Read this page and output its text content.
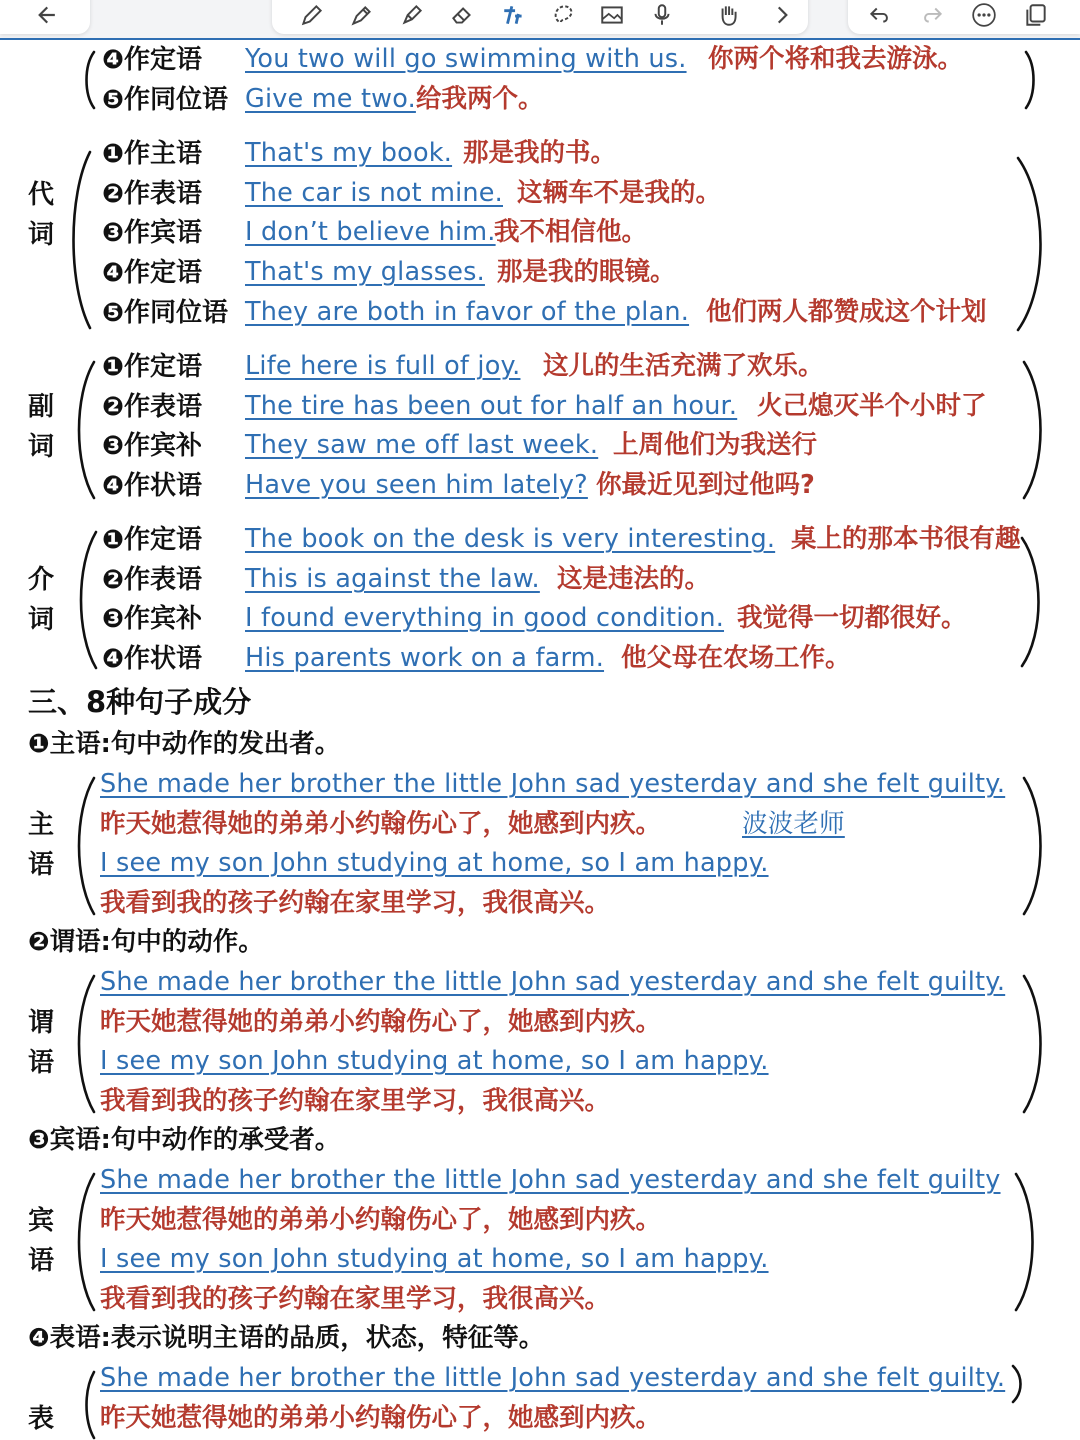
❹作定语 You two will go swimming with us. 你两个将和我去游泳。
❺作同位语 Give me two. 给我两个。
代
词
❶作主语 That's my book. 那是我的书。
❷作表语 The car is not mine. 这辆车不是我的。
❸作宾语 I don’t believe him.
我不相信他。
❹作定语 That's my glasses. 那是我的眼镜。
❺作同位语 They are both in favor of the plan. 他们两人都赞成这个计划
副
词
❶作定语 Life here is full of joy. 这儿的生活充满了欢乐。
❷作表语 The tire has been out for half an hour. 火己熄灭半个小时了
❸作宾补 They saw me off last week. 上周他们为我送行
❹作状语 Have you seen him lately? 你最近见到过他吗?
介
词
❶作定语 The book on the desk is very interesting. 桌上的那本书很有趣
❷作表语 This is against the law. 这是违法的。
❸作宾补 I found everything in good condition. 我觉得一切都很好。
❹作状语 His parents work on a farm. 他父母在农场工作。
三、8种句子成分
❶主语:句中动作的发出者。
主
语
She made her brother the little John sad yesterday and she felt guilty.
昨天她惹得她的弟弟小约翰伤心了，她感到内疚。	波波老师
I see my son John studying at home, so I am happy.
我看到我的孩子约翰在家里学习，我很高兴。
❷谓语:句中的动作。
谓
语
She made her brother the little John sad yesterday and she felt guilty.
昨天她惹得她的弟弟小约翰伤心了，她感到内疚。
I see my son John studying at home, so I am happy.
我看到我的孩子约翰在家里学习，我很高兴。
❸宾语:句中动作的承受者。
宾
语
She made her brother the little John sad yesterday and she felt guilty
昨天她惹得她的弟弟小约翰伤心了，她感到内疚。
I see my son John studying at home, so I am happy.
我看到我的孩子约翰在家里学习，我很高兴。
❹表语:表示说明主语的品质，状态，特征等。
表
She made her brother the little John sad yesterday and she felt guilty.
昨天她惹得她的弟弟小约翰伤心了，她感到内疚。
